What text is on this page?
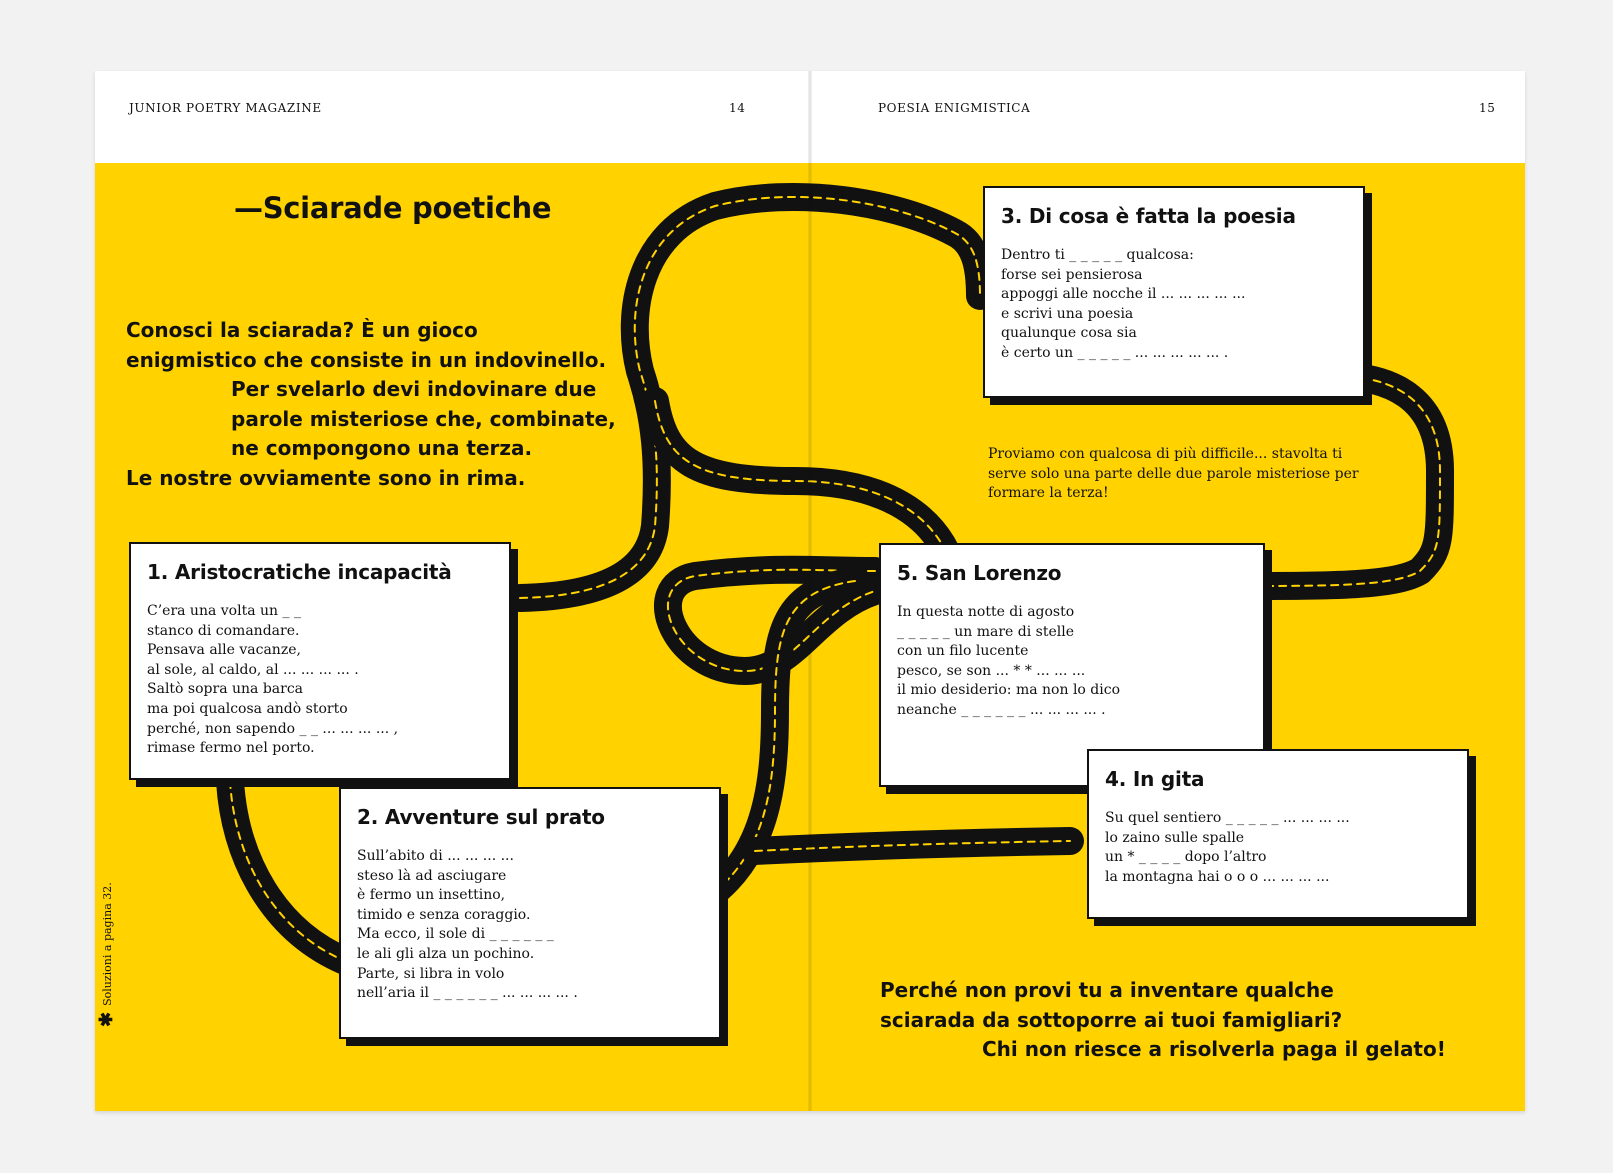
JUNIOR POETRY MAGAZINE	14	POESIA ENIGMISTICA	15
—Sciarade poetiche

Conosci la sciarada? È un gioco

enigmistico che consiste in un indovinello.

Per svelarlo devi indovinare due

parole misteriose che, combinate,

ne compongono una terza.

Le nostre ovviamente sono in rima.

1. Aristocratiche incapacità
C’era una volta un _ _
stanco di comandare.
Pensava alle vacanze,
al sole, al caldo, al ... ... ... ... .
Saltò sopra una barca
ma poi qualcosa andò storto
perché, non sapendo _ _ ... ... ... ... ,
rimase fermo nel porto.
2. Avventure sul prato
Sull’abito di ... ... ... ...
steso là ad asciugare
è fermo un insettino,
timido e senza coraggio.
Ma ecco, il sole di _ _ _ _ _ _
le ali gli alza un pochino.
Parte, si libra in volo
nell’aria il _ _ _ _ _ _ ... ... ... ... .
3. Di cosa è fatta la poesia
Dentro ti _ _ _ _ _ qualcosa:
forse sei pensierosa
appoggi alle nocche il ... ... ... ... ...
e scrivi una poesia
qualunque cosa sia
è certo un _ _ _ _ _ ... ... ... ... ... .
Proviamo con qualcosa di più difficile... stavolta ti serve solo una parte delle due parole misteriose per formare la terza!
5. San Lorenzo
In questa notte di agosto
_ _ _ _ _ un mare di stelle
con un filo lucente
pesco, se son ... * * ... ... ...
il mio desiderio: ma non lo dico
neanche _ _ _ _ _ _ ... ... ... ... .
4. In gita
Su quel sentiero _ _ _ _ _ ... ... ... ...
lo zaino sulle spalle
un * _ _ _ _ dopo l’altro
la montagna hai o o o ... ... ... ...

Perché non provi tu a inventare qualche

sciarada da sottoporre ai tuoi famigliari?

Chi non riesce a risolverla paga il gelato!

✱
Soluzioni a pagina 32.
